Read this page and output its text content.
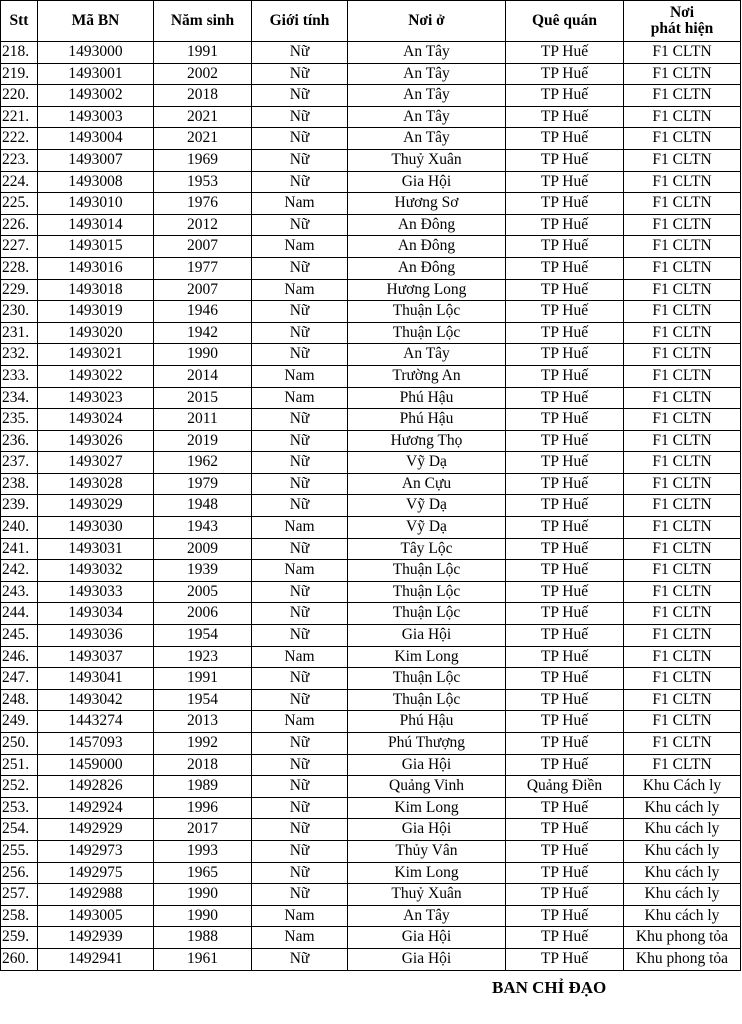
Stt	Mã BN	Năm sinh	Giới tính	Nơi ở	Quê quán	Nơi
phát hiện

218.	1493000	1991	Nữ	An Tây	TP Huế	F1 CLTN
219.	1493001	2002	Nữ	An Tây	TP Huế	F1 CLTN
220.	1493002	2018	Nữ	An Tây	TP Huế	F1 CLTN
221.	1493003	2021	Nữ	An Tây	TP Huế	F1 CLTN
222.	1493004	2021	Nữ	An Tây	TP Huế	F1 CLTN
223.	1493007	1969	Nữ	Thuỷ Xuân	TP Huế	F1 CLTN
224.	1493008	1953	Nữ	Gia Hội	TP Huế	F1 CLTN
225.	1493010	1976	Nam	Hương Sơ	TP Huế	F1 CLTN
226.	1493014	2012	Nữ	An Đông	TP Huế	F1 CLTN
227.	1493015	2007	Nam	An Đông	TP Huế	F1 CLTN
228.	1493016	1977	Nữ	An Đông	TP Huế	F1 CLTN
229.	1493018	2007	Nam	Hương Long	TP Huế	F1 CLTN
230.	1493019	1946	Nữ	Thuận Lộc	TP Huế	F1 CLTN
231.	1493020	1942	Nữ	Thuận Lộc	TP Huế	F1 CLTN
232.	1493021	1990	Nữ	An Tây	TP Huế	F1 CLTN
233.	1493022	2014	Nam	Trường An	TP Huế	F1 CLTN
234.	1493023	2015	Nam	Phú Hậu	TP Huế	F1 CLTN
235.	1493024	2011	Nữ	Phú Hậu	TP Huế	F1 CLTN
236.	1493026	2019	Nữ	Hương Thọ	TP Huế	F1 CLTN
237.	1493027	1962	Nữ	Vỹ Dạ	TP Huế	F1 CLTN
238.	1493028	1979	Nữ	An Cựu	TP Huế	F1 CLTN
239.	1493029	1948	Nữ	Vỹ Dạ	TP Huế	F1 CLTN
240.	1493030	1943	Nam	Vỹ Dạ	TP Huế	F1 CLTN
241.	1493031	2009	Nữ	Tây Lộc	TP Huế	F1 CLTN
242.	1493032	1939	Nam	Thuận Lộc	TP Huế	F1 CLTN
243.	1493033	2005	Nữ	Thuận Lộc	TP Huế	F1 CLTN
244.	1493034	2006	Nữ	Thuận Lộc	TP Huế	F1 CLTN
245.	1493036	1954	Nữ	Gia Hội	TP Huế	F1 CLTN
246.	1493037	1923	Nam	Kim Long	TP Huế	F1 CLTN
247.	1493041	1991	Nữ	Thuận Lộc	TP Huế	F1 CLTN
248.	1493042	1954	Nữ	Thuận Lộc	TP Huế	F1 CLTN
249.	1443274	2013	Nam	Phú Hậu	TP Huế	F1 CLTN
250.	1457093	1992	Nữ	Phú Thượng	TP Huế	F1 CLTN
251.	1459000	2018	Nữ	Gia Hội	TP Huế	F1 CLTN
252.	1492826	1989	Nữ	Quảng Vinh	Quảng Điền	Khu Cách ly
253.	1492924	1996	Nữ	Kim Long	TP Huế	Khu cách ly
254.	1492929	2017	Nữ	Gia Hội	TP Huế	Khu cách ly
255.	1492973	1993	Nữ	Thủy Vân	TP Huế	Khu cách ly
256.	1492975	1965	Nữ	Kim Long	TP Huế	Khu cách ly
257.	1492988	1990	Nữ	Thuỷ Xuân	TP Huế	Khu cách ly
258.	1493005	1990	Nam	An Tây	TP Huế	Khu cách ly
259.	1492939	1988	Nam	Gia Hội	TP Huế	Khu phong tỏa
260.	1492941	1961	Nữ	Gia Hội	TP Huế	Khu phong tỏa
BAN CHỈ ĐẠO
